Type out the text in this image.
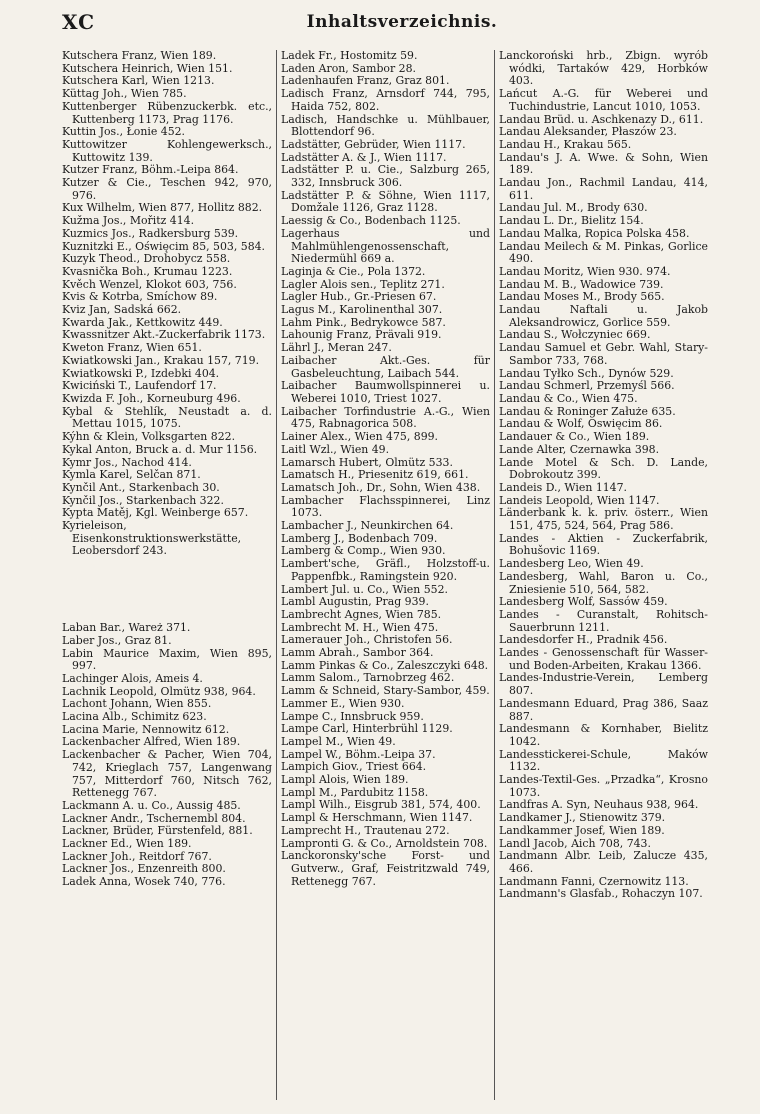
XC	Inhaltsverzeichnis.
Kutschera Franz, Wien 189.
Kutschera Heinrich, Wien 151.
Kutschera Karl, Wien 1213.
Küttag Joh., Wien 785.
Kuttenberger Rübenzuckerbk. etc., Kuttenberg 1173, Prag 1176.
Kuttin Jos., Łonie 452.
Kuttowitzer Kohlengewerksch., Kuttowitz 139.
Kutzer Franz, Böhm.-Leipa 864.
Kutzer & Cie., Teschen 942, 970, 976.
Kux Wilhelm, Wien 877, Hollitz 882.
Kužma Jos., Mořitz 414.
Kuzmics Jos., Radkersburg 539.
Kuznitzki E., Oświęcim 85, 503, 584.
Kuzyk Theod., Drohobycz 558.
Kvasnička Boh., Krumau 1223.
Kvěch Wenzel, Klokot 603, 756.
Kvis & Kotrba, Smíchow 89.
Kviz Jan, Sadská 662.
Kwarda Jak., Kettkowitz 449.
Kwassnitzer Akt.-Zuckerfabrik 1173.
Kweton Franz, Wien 651.
Kwiatkowski Jan., Krakau 157, 719.
Kwiatkowski P., Izdebki 404.
Kwiciński T., Laufendorf 17.
Kwizda F. Joh., Korneuburg 496.
Kybal & Stehlík, Neustadt a. d. Mettau 1015, 1075.
Kýhn & Klein, Volksgarten 822.
Kykal Anton, Bruck a. d. Mur 1156.
Kymr Jos., Nachod 414.
Kymla Karel, Selčan 871.
Kynčil Ant., Starkenbach 30.
Kynčil Jos., Starkenbach 322.
Kypta Matěj, Kgl. Weinberge 657.
Kyrieleison, Eisenkonstruktionswerkstätte, Leobersdorf 243.
Laban Bar., Wareż 371.
Laber Jos., Graz 81.
Labin Maurice Maxim, Wien 895, 997.
Lachinger Alois, Ameis 4.
Lachnik Leopold, Olmütz 938, 964.
Lachont Johann, Wien 855.
Lacina Alb., Schimitz 623.
Lacina Marie, Nennowitz 612.
Lackenbacher Alfred, Wien 189.
Lackenbacher & Pacher, Wien 704, 742, Krieglach 757, Langenwang 757, Mitterdorf 760, Nitsch 762, Rettenegg 767.
Lackmann A. u. Co., Aussig 485.
Lackner Andr., Tschernembl 804.
Lackner, Brüder, Fürstenfeld, 881.
Lackner Ed., Wien 189.
Lackner Joh., Reitdorf 767.
Lackner Jos., Enzenreith 800.
Ladek Anna, Wosek 740, 776.
Ladek Fr., Hostomitz 59.
Laden Aron, Sambor 28.
Ladenhaufen Franz, Graz 801.
Ladisch Franz, Arnsdorf 744, 795, Haida 752, 802.
Ladisch, Handschke u. Mühlbauer, Blottendorf 96.
Ladstätter, Gebrüder, Wien 1117.
Ladstätter A. & J., Wien 1117.
Ladstätter P. u. Cie., Salzburg 265, 332, Innsbruck 306.
Ladstätter P. & Söhne, Wien 1117, Domžale 1126, Graz 1128.
Laessig & Co., Bodenbach 1125.
Lagerhaus und Mahlmühlengenossenschaft, Niedermühl 669 a.
Laginja & Cie., Pola 1372.
Lagler Alois sen., Teplitz 271.
Lagler Hub., Gr.-Priesen 67.
Lagus M., Karolinenthal 307.
Lahm Pink., Bedrykowce 587.
Lahounig Franz, Prävali 919.
Lährl J., Meran 247.
Laibacher Akt.-Ges. für Gasbeleuchtung, Laibach 544.
Laibacher Baumwollspinnerei u. Weberei 1010, Triest 1027.
Laibacher Torfindustrie A.-G., Wien 475, Rabnagorica 508.
Lainer Alex., Wien 475, 899.
Laitl Wzl., Wien 49.
Lamarsch Hubert, Olmütz 533.
Lamatsch H., Priesenitz 619, 661.
Lamatsch Joh., Dr., Sohn, Wien 438.
Lambacher Flachsspinnerei, Linz 1073.
Lambacher J., Neunkirchen 64.
Lamberg J., Bodenbach 709.
Lamberg & Comp., Wien 930.
Lambert'sche, Gräfl., Holzstoff-u. Pappenfbk., Ramingstein 920.
Lambert Jul. u. Co., Wien 552.
Lambl Augustin, Prag 939.
Lambrecht Agnes, Wien 785.
Lambrecht M. H., Wien 475.
Lamerauer Joh., Christofen 56.
Lamm Abrah., Sambor 364.
Lamm Pinkas & Co., Zaleszczyki 648.
Lamm Salom., Tarnobrzeg 462.
Lamm & Schneid, Stary-Sambor, 459.
Lammer E., Wien 930.
Lampe C., Innsbruck 959.
Lampe Carl, Hinterbrühl 1129.
Lampel M., Wien 49.
Lampel W., Böhm.-Leipa 37.
Lampich Giov., Triest 664.
Lampl Alois, Wien 189.
Lampl M., Pardubitz 1158.
Lampl Wilh., Eisgrub 381, 574, 400.
Lampl & Herschmann, Wien 1147.
Lamprecht H., Trautenau 272.
Lampronti G. & Co., Arnoldstein 708.
Lanckoronsky'sche Forst- und Gutverw., Graf, Feistritzwald 749, Rettenegg 767.
Lanckoroński hrb., Zbign. wyrób wódki, Tartaków 429, Horbków 403.
Lańcut A.-G. für Weberei und Tuchindustrie, Lancut 1010, 1053.
Landau Brüd. u. Aschkenazy D., 611.
Landau Aleksander, Płaszów 23.
Landau H., Krakau 565.
Landau's J. A. Wwe. & Sohn, Wien 189.
Landau Jon., Rachmil Landau, 414, 611.
Landau Jul. M., Brody 630.
Landau L. Dr., Bielitz 154.
Landau Malka, Ropica Polska 458.
Landau Meilech & M. Pinkas, Gorlice 490.
Landau Moritz, Wien 930. 974.
Landau M. B., Wadowice 739.
Landau Moses M., Brody 565.
Landau Naftali u. Jakob Aleksandrowicz, Gorlice 559.
Landau S., Wołczyniec 669.
Landau Samuel et Gebr. Wahl, Stary-Sambor 733, 768.
Landau Tyłko Sch., Dynów 529.
Landau Schmerl, Przemyśl 566.
Landau & Co., Wien 475.
Landau & Roninger Załuże 635.
Landau & Wolf, Oswięcim 86.
Landauer & Co., Wien 189.
Lande Alter, Czernawka 398.
Lande Motel & Sch. D. Lande, Dobrokoutz 399.
Landeis D., Wien 1147.
Landeis Leopold, Wien 1147.
Länderbank k. k. priv. österr., Wien 151, 475, 524, 564, Prag 586.
Landes - Aktien - Zuckerfabrik, Bohušovic 1169.
Landesberg Leo, Wien 49.
Landesberg, Wahl, Baron u. Co., Zniesienie 510, 564, 582.
Landesberg Wolf, Sassów 459.
Landes - Curanstalt, Rohitsch-Sauerbrunn 1211.
Landesdorfer H., Pradnik 456.
Landes - Genossenschaft für Wasser- und Boden-Arbeiten, Krakau 1366.
Landes-Industrie-Verein, Lemberg 807.
Landesmann Eduard, Prag 386, Saaz 887.
Landesmann & Kornhaber, Bielitz 1042.
Landesstickerei-Schule, Maków 1132.
Landes-Textil-Ges. „Przadka“, Krosno 1073.
Landfras A. Syn, Neuhaus 938, 964.
Landkamer J., Stienowitz 379.
Landkammer Josef, Wien 189.
Landl Jacob, Aich 708, 743.
Landmann Albr. Leib, Zalucze 435, 466.
Landmann Fanni, Czernowitz 113.
Landmann's Glasfab., Rohaczyn 107.
